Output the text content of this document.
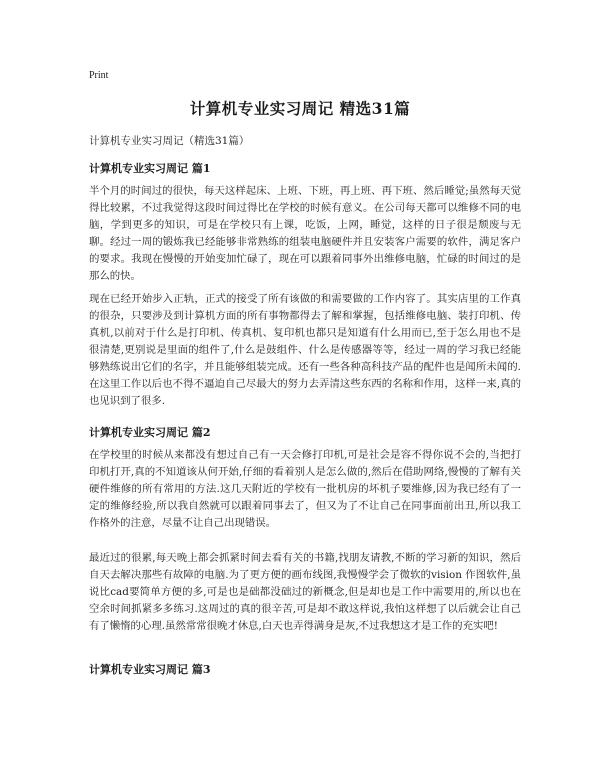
Print
计算机专业实习周记 精选31篇
计算机专业实习周记（精选31篇）
计算机专业实习周记 篇1

半个月的时间过的很快，每天这样起床、上班、下班，再上班、再下班、然后睡觉;虽然每天觉得比较累，不过我觉得这段时间过得比在学校的时候有意义。在公司每天都可以维修不同的电脑，学到更多的知识，可是在学校只有上课，吃饭，上网，睡觉，这样的日子很是颓废与无聊。经过一周的锻炼我已经能够非常熟练的组装电脑硬件并且安装客户需要的软件，满足客户的要求。我现在慢慢的开始变加忙碌了，现在可以跟着同事外出维修电脑，忙碌的时间过的是那么的快。

现在已经开始步入正轨，正式的接受了所有该做的和需要做的工作内容了。其实店里的工作真的很杂，只要涉及到计算机方面的所有事物都得去了解和掌握，包括维修电脑、装打印机、传真机,以前对于什么是打印机、传真机、复印机也都只是知道有什么用而已,至于怎么用也不是很清楚,更别说是里面的组件了,什么是鼓组件、什么是传感器等等，经过一周的学习我已经能够熟练说出它们的名字，并且能够组装完成。还有一些各种高科技产品的配件也是闻所未闻的.在这里工作以后也不得不逼迫自己尽最大的努力去弄清这些东西的名称和作用，这样一来,真的也见识到了很多.

计算机专业实习周记 篇2

在学校里的时候从来都没有想过自己有一天会修打印机,可是社会是容不得你说不会的,当把打印机打开,真的不知道该从何开始,仔细的看着别人是怎么做的,然后在借助网络,慢慢的了解有关硬件维修的所有常用的方法.这几天附近的学校有一批机房的坏机子要维修,因为我已经有了一定的维修经验,所以我自然就可以跟着同事去了，但又为了不让自己在同事面前出丑,所以我工作格外的注意，尽量不让自己出现错误。

最近过的很累,每天晚上都会抓紧时间去看有关的书籍,找朋友请教,不断的学习新的知识，然后自天去解决那些有故障的电脑.为了更方便的画布线图,我慢慢学会了微软的vision 作图软件,虽说比cad要简单方便的多,可是也是础都没础过的新概念,但是却也是工作中需要用的,所以也在空余时间抓紧多多练习.这周过的真的很辛苦,可是却不敢这样说,我怕这样想了以后就会让自己有了懒惰的心理.虽然常常很晚才休息,白天也弄得满身是灰,不过我想这才是工作的充实吧!

计算机专业实习周记 篇3
